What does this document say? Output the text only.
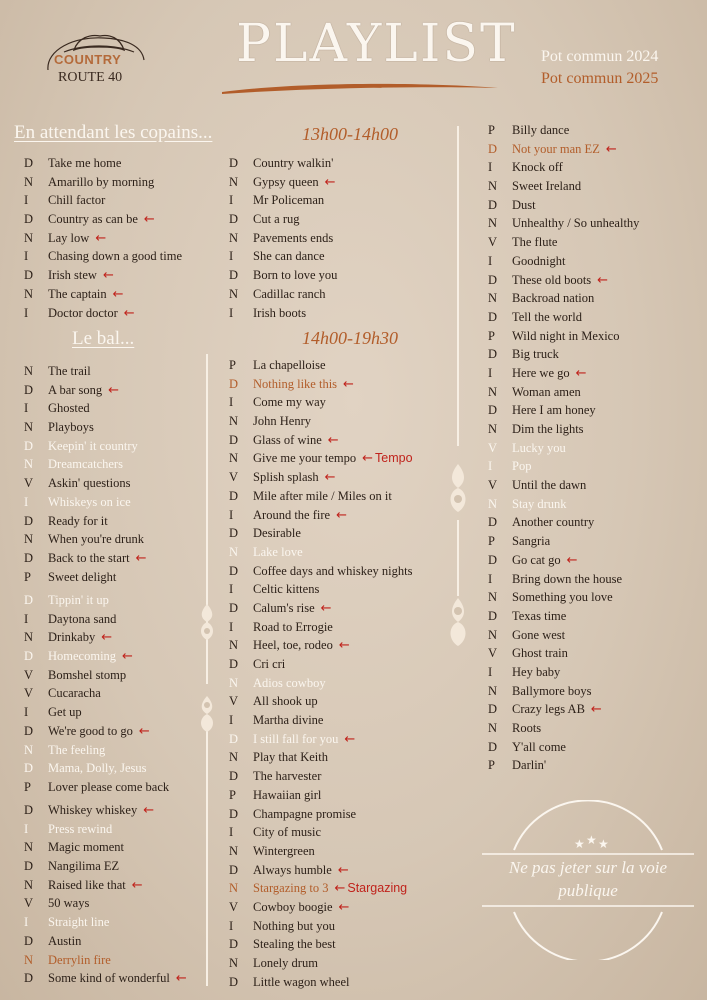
COUNTRY
ROUTE 40
PLAYLIST Pot commun 2024
Pot commun 2025
En attendant les copains...
Le bal...
13h00-14h00
14h00-19h30
D Take me home
N Amarillo by morning
I Chill factor
D Country as can be ←
N Lay low ←
I Chasing down a good time
D Irish stew ←
N The captain ←
I Doctor doctor ←
N The trail
D A bar song ←
I Ghosted
N Playboys
D Keepin' it country
N Dreamcatchers
V Askin' questions
I Whiskeys on ice
D Ready for it
N When you're drunk
D Back to the start ←
P Sweet delight
D Tippin' it up
I Daytona sand
N Drinkaby ←
D Homecoming ←
V Bomshel stomp
V Cucaracha
I Get up
D We're good to go ←
N The feeling
D Mama, Dolly, Jesus
P Lover please come back
D Whiskey whiskey ←
I Press rewind
N Magic moment
D Nangilima EZ
N Raised like that ←
V 50 ways
I Straight line
D Austin
N Derrylin fire
D Some kind of wonderful ←
D Country walkin'
N Gypsy queen ←
I Mr Policeman
D Cut a rug
N Pavements ends
I She can dance
D Born to love you
N Cadillac ranch
I Irish boots
P La chapelloise
D Nothing like this ←
I Come my way
N John Henry
D Glass of wine ←
N Give me your tempo ← Tempo
V Splish splash ←
D Mile after mile / Miles on it
I Around the fire ←
D Desirable
N Lake love
D Coffee days and whiskey nights
I Celtic kittens
D Calum's rise ←
I Road to Errogie
N Heel, toe, rodeo ←
D Cri cri
N Adios cowboy
V All shook up
I Martha divine
D I still fall for you ←
N Play that Keith
D The harvester
P Hawaiian girl
D Champagne promise
I City of music
N Wintergreen
D Always humble ←
N Stargazing to 3 ← Stargazing
V Cowboy boogie ←
I Nothing but you
D Stealing the best
N Lonely drum
D Little wagon wheel
P Billy dance
D Not your man EZ ←
I Knock off
N Sweet Ireland
D Dust
N Unhealthy / So unhealthy
V The flute
I Goodnight
D These old boots ←
N Backroad nation
D Tell the world
P Wild night in Mexico
D Big truck
I Here we go ←
N Woman amen
D Here I am honey
N Dim the lights
V Lucky you
I Pop
V Until the dawn
N Stay drunk
D Another country
P Sangria
D Go cat go ←
I Bring down the house
N Something you love
D Texas time
N Gone west
V Ghost train
I Hey baby
N Ballymore boys
D Crazy legs AB ←
N Roots
D Y'all come
P Darlin'
★ ★ ★
Ne pas jeter sur la voie
publique
